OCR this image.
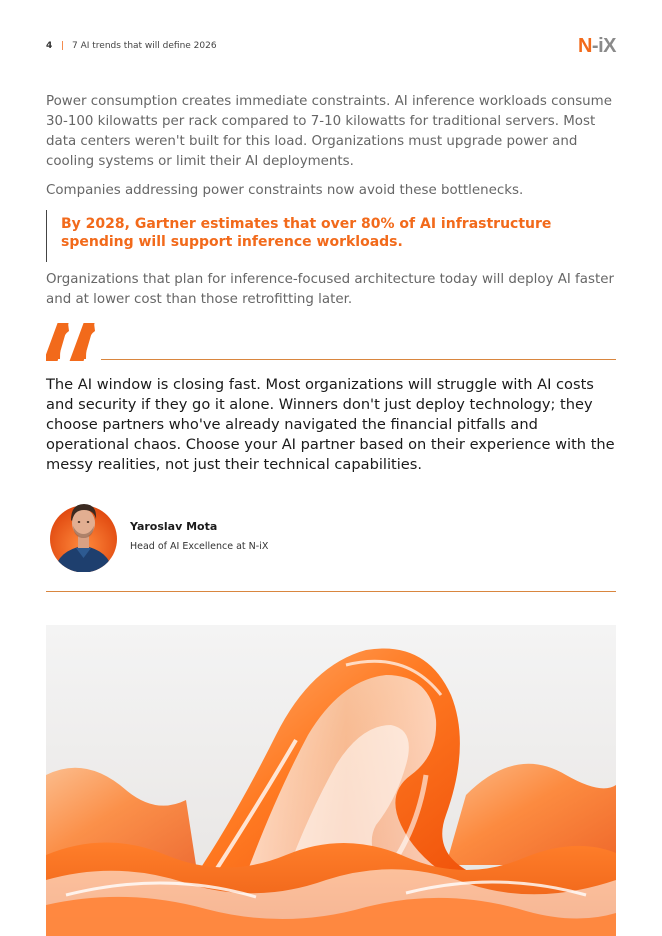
4 | 7 AI trends that will define 2026	N-iX

Power consumption creates immediate constraints. AI inference workloads consume 30-100 kilowatts per rack compared to 7-10 kilowatts for traditional servers. Most data centers weren't built for this load. Organizations must upgrade power and cooling systems or limit their AI deployments.

Companies addressing power constraints now avoid these bottlenecks.

By 2028, Gartner estimates that over 80% of AI infrastructure spending will support inference workloads.

Organizations that plan for inference-focused architecture today will deploy AI faster and at lower cost than those retrofitting later.

The AI window is closing fast. Most organizations will struggle with AI costs and security if they go it alone. Winners don't just deploy technology; they choose partners who've already navigated the financial pitfalls and operational chaos. Choose your AI partner based on their experience with the messy realities, not just their technical capabilities.

Yaroslav Mota
Head of AI Excellence at N-iX
